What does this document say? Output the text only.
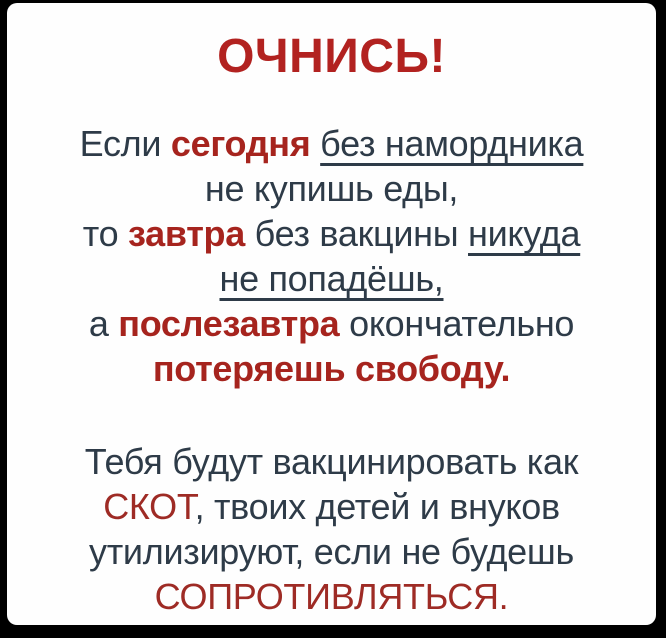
ОЧНИСЬ!
Если сегодня без намордника
не купишь еды,
то завтра без вакцины никуда
не попадёшь,
а послезавтра окончательно
потеряешь свободу.
Тебя будут вакцинировать как
СКОТ, твоих детей и внуков
утилизируют, если не будешь
СОПРОТИВЛЯТЬСЯ.
